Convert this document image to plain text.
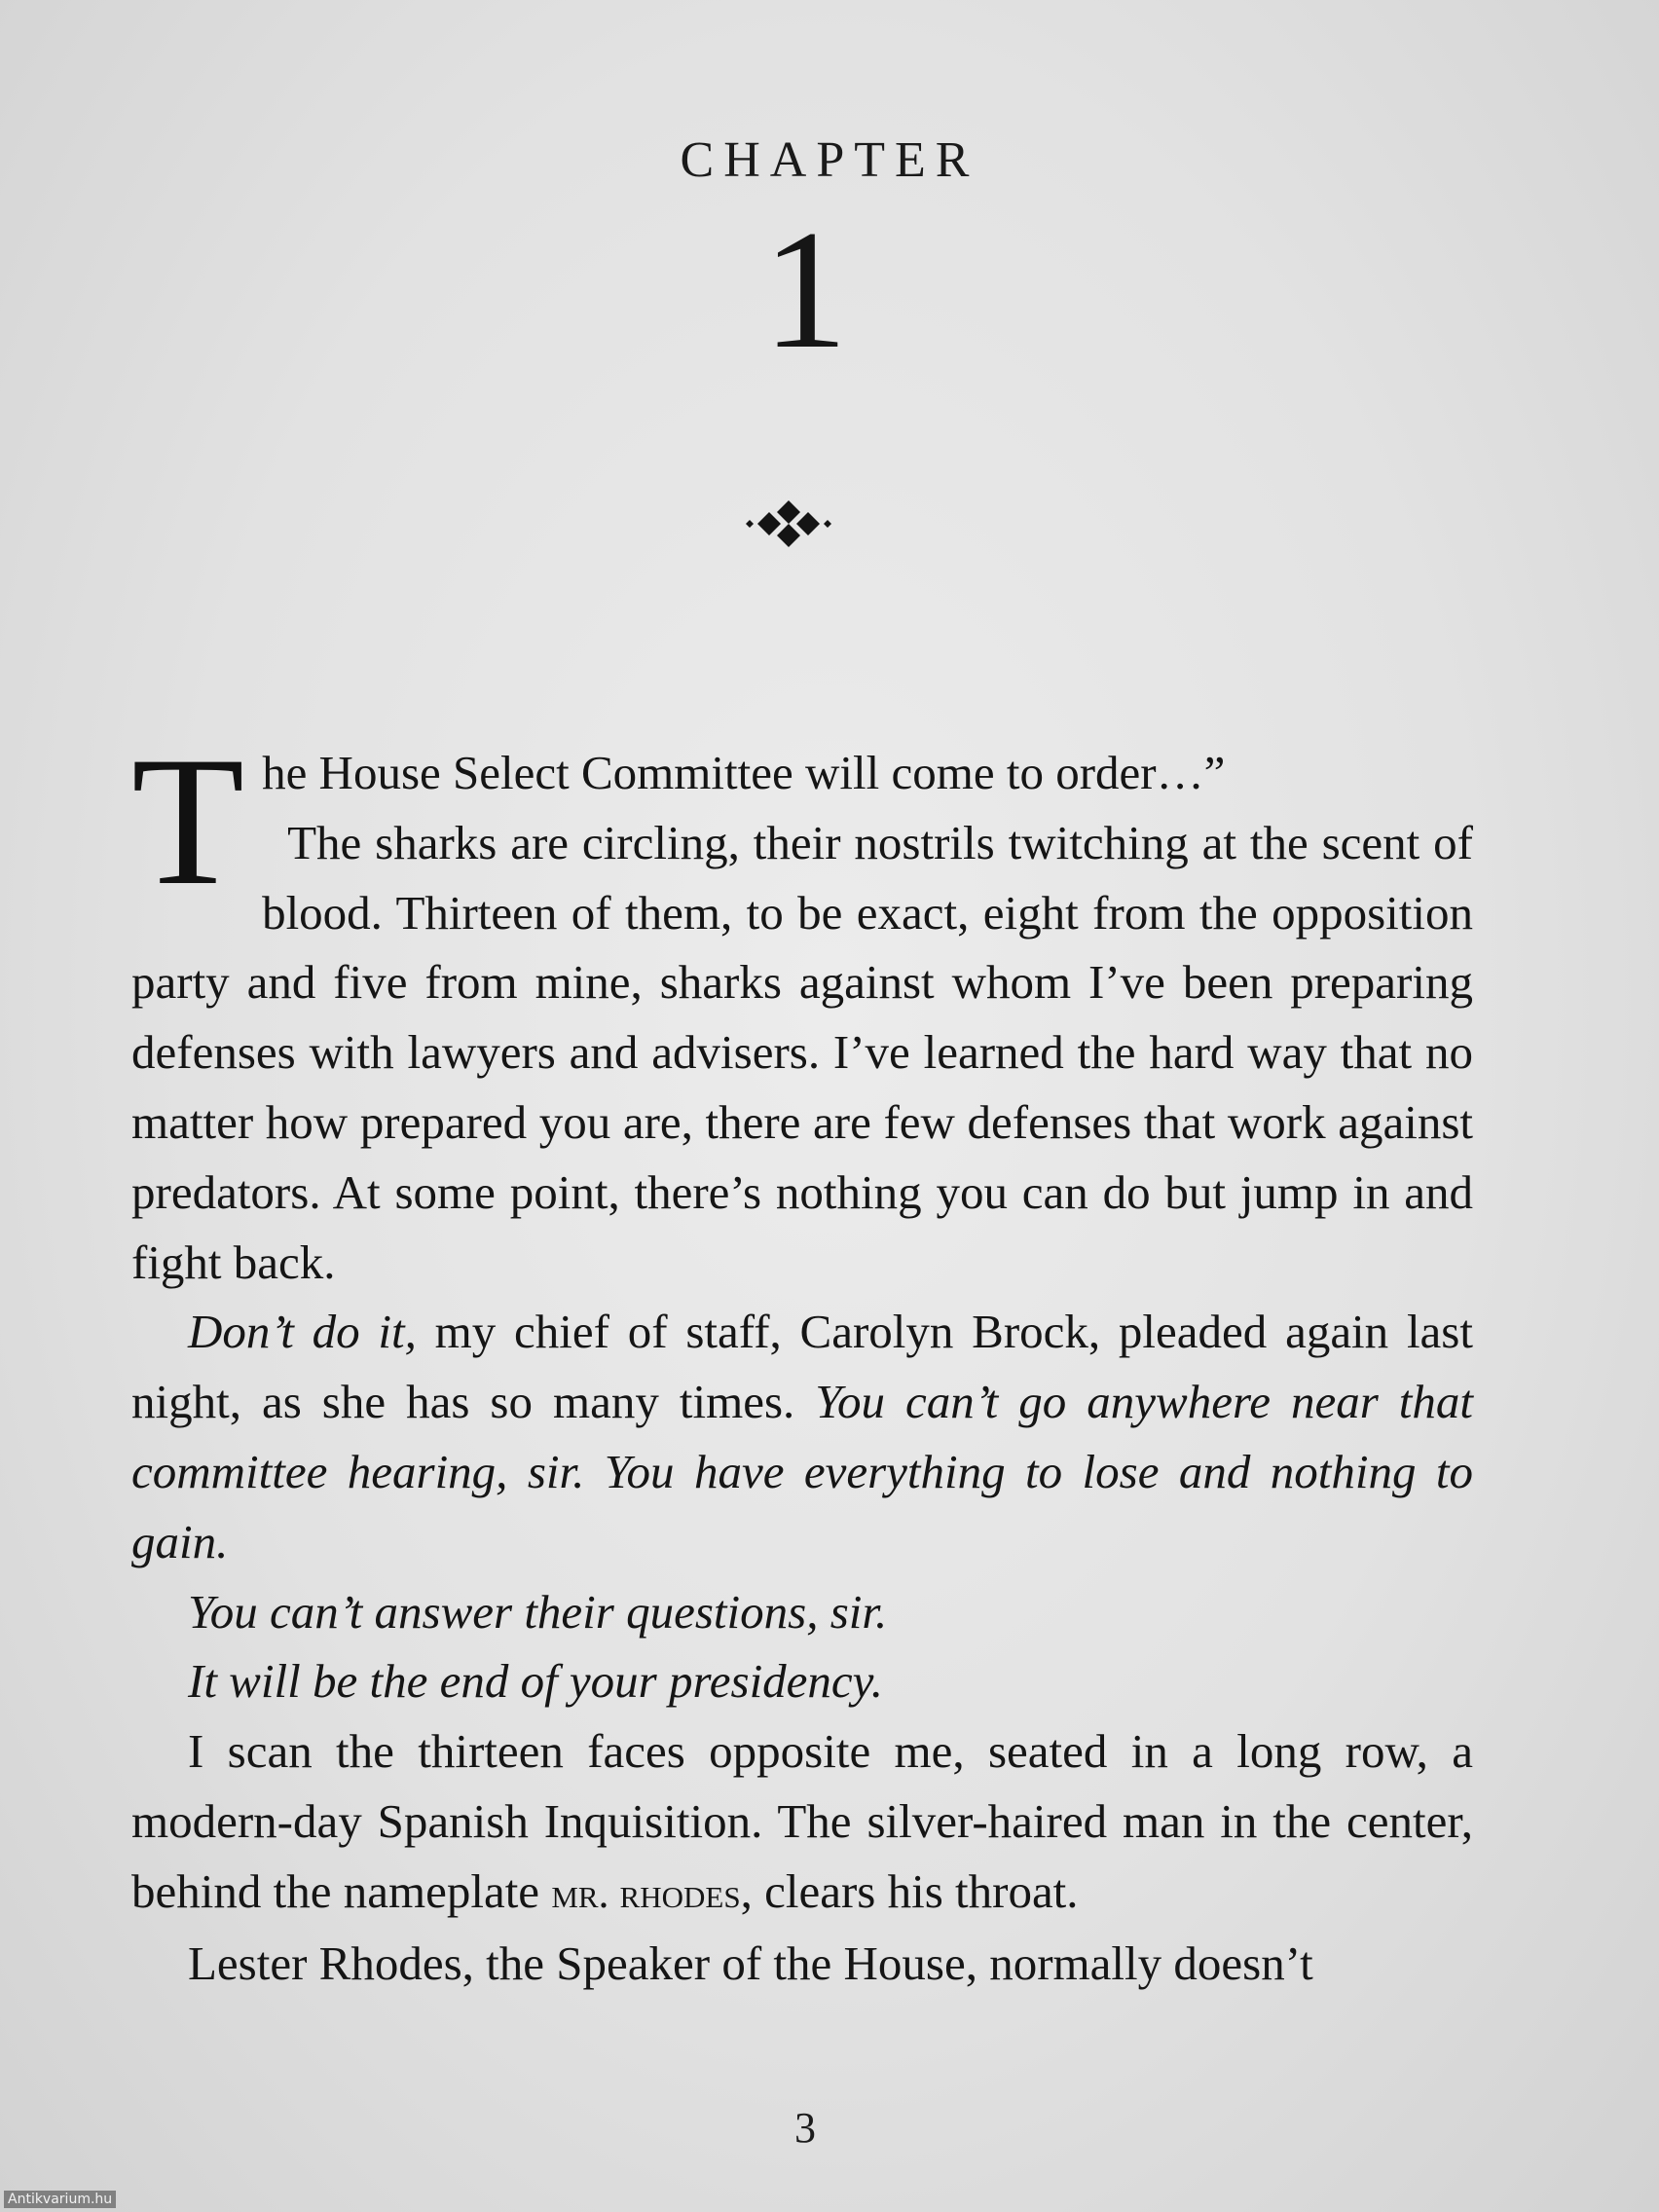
CHAPTER
1

T he House Select Committee will come to order…”
The sharks are circling, their nostrils twitching at the scent of blood. Thirteen of them, to be exact, eight from the opposition party and five from mine, sharks against whom I’ve been preparing defenses with lawyers and advisers. I’ve learned the hard way that no matter how prepared you are, there are few defenses that work against predators. At some point, there’s nothing you can do but jump in and fight back.

Don’t do it, my chief of staff, Carolyn Brock, pleaded again last night, as she has so many times. You can’t go anywhere near that committee hearing, sir. You have everything to lose and nothing to gain.

You can’t answer their questions, sir.

It will be the end of your presidency.

I scan the thirteen faces opposite me, seated in a long row, a modern-day Spanish Inquisition. The silver-haired man in the center, behind the nameplate mr. rhodes, clears his throat.

Lester Rhodes, the Speaker of the House, normally doesn’t

3
Antikvarium.hu
